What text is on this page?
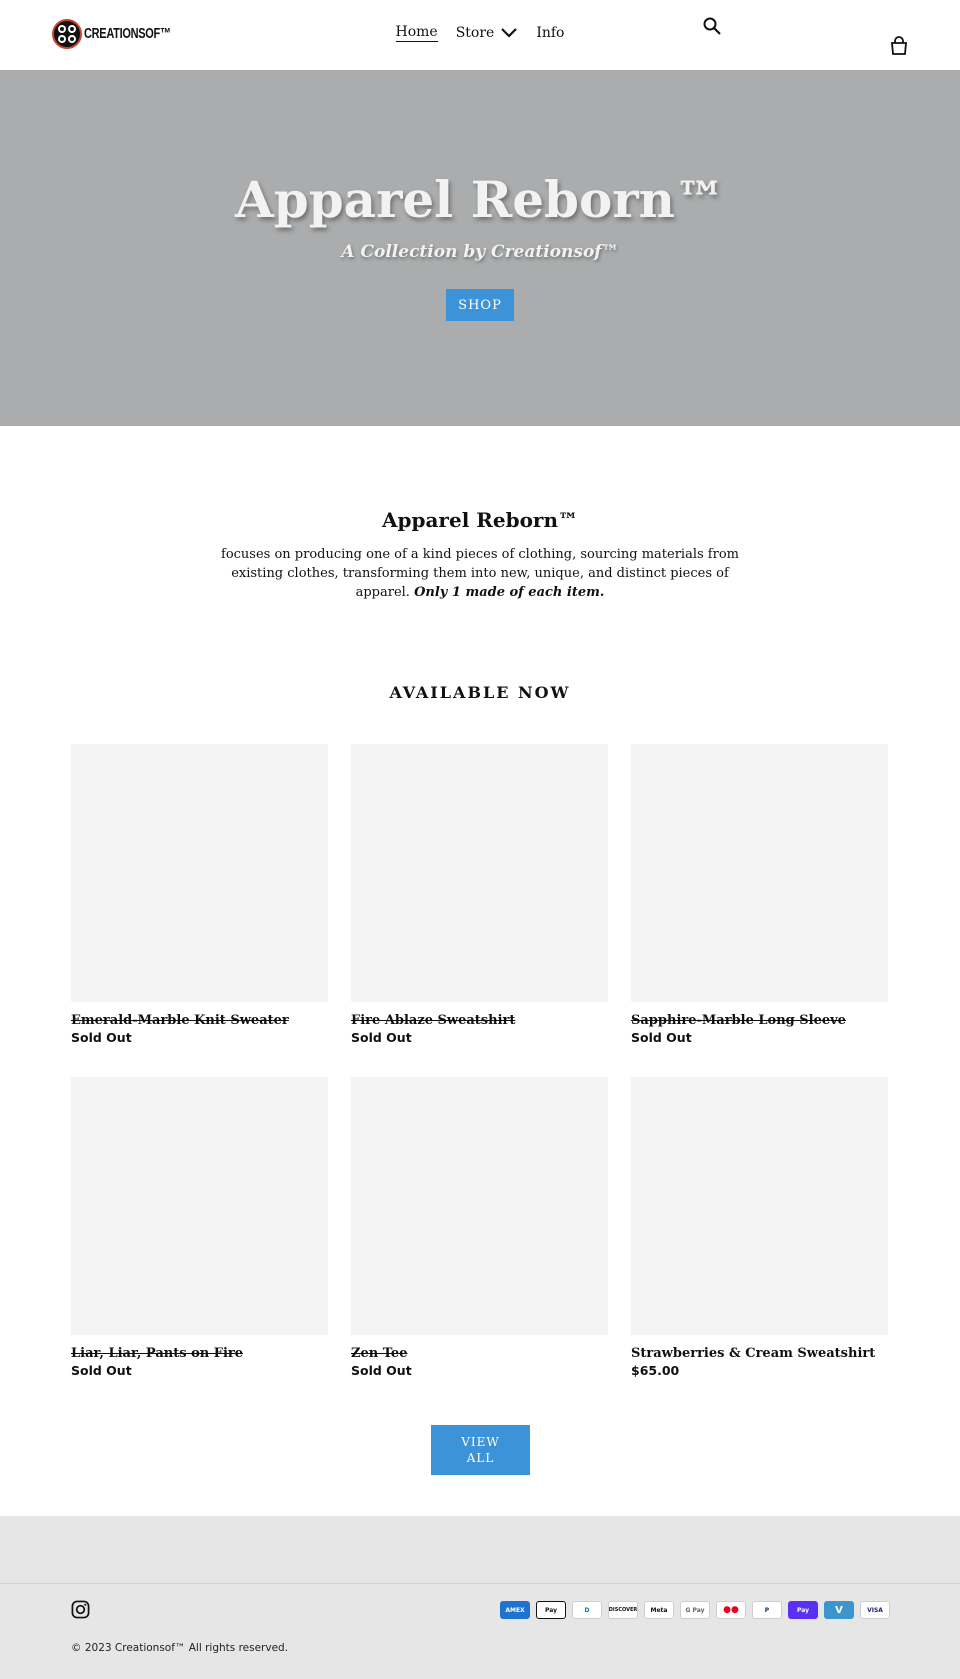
CREATIONSOF™	Home Store	Info
Apparel Reborn™
A Collection by Creationsof™
SHOP
Apparel Reborn™

focuses on producing one of a kind pieces of clothing, sourcing materials from existing clothes, transforming them into new, unique, and distinct pieces of apparel. Only 1 made of each item.

AVAILABLE NOW
Emerald-Marble Knit Sweater
Sold Out
Fire Ablaze Sweatshirt
Sold Out
Sapphire-Marble Long Sleeve
Sold Out
Liar, Liar, Pants on Fire
Sold Out
Zen Tee
Sold Out
Strawberries & Cream Sweatshirt
$65.00
VIEW
ALL
AMEX	Pay	D	DISCOVER	Meta	G Pay	●●	P	Pay	V	VISA
© 2023 Creationsof™ All rights reserved.
